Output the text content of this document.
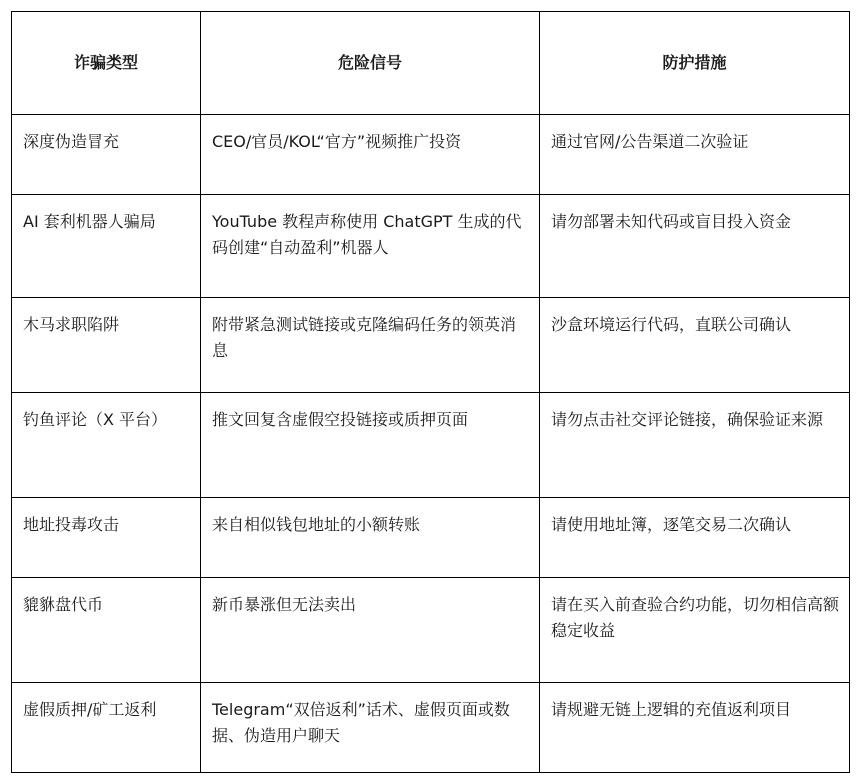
诈骗类型	危险信号	防护措施
深度伪造冒充	CEO/官员/KOL“官方”视频推广投资	通过官网/公告渠道二次验证
AI 套利机器人骗局	YouTube 教程声称使用 ChatGPT 生成的代码创建“自动盈利”机器人	请勿部署未知代码或盲目投入资金
木马求职陷阱	附带紧急测试链接或克隆编码任务的领英消息	沙盒环境运行代码，直联公司确认
钓鱼评论（X 平台）	推文回复含虚假空投链接或质押页面	请勿点击社交评论链接，确保验证来源
地址投毒攻击	来自相似钱包地址的小额转账	请使用地址簿，逐笔交易二次确认
貔貅盘代币	新币暴涨但无法卖出	请在买入前查验合约功能，切勿相信高额稳定收益
虚假质押/矿工返利	Telegram“双倍返利”话术、虚假页面或数据、伪造用户聊天	请规避无链上逻辑的充值返利项目
